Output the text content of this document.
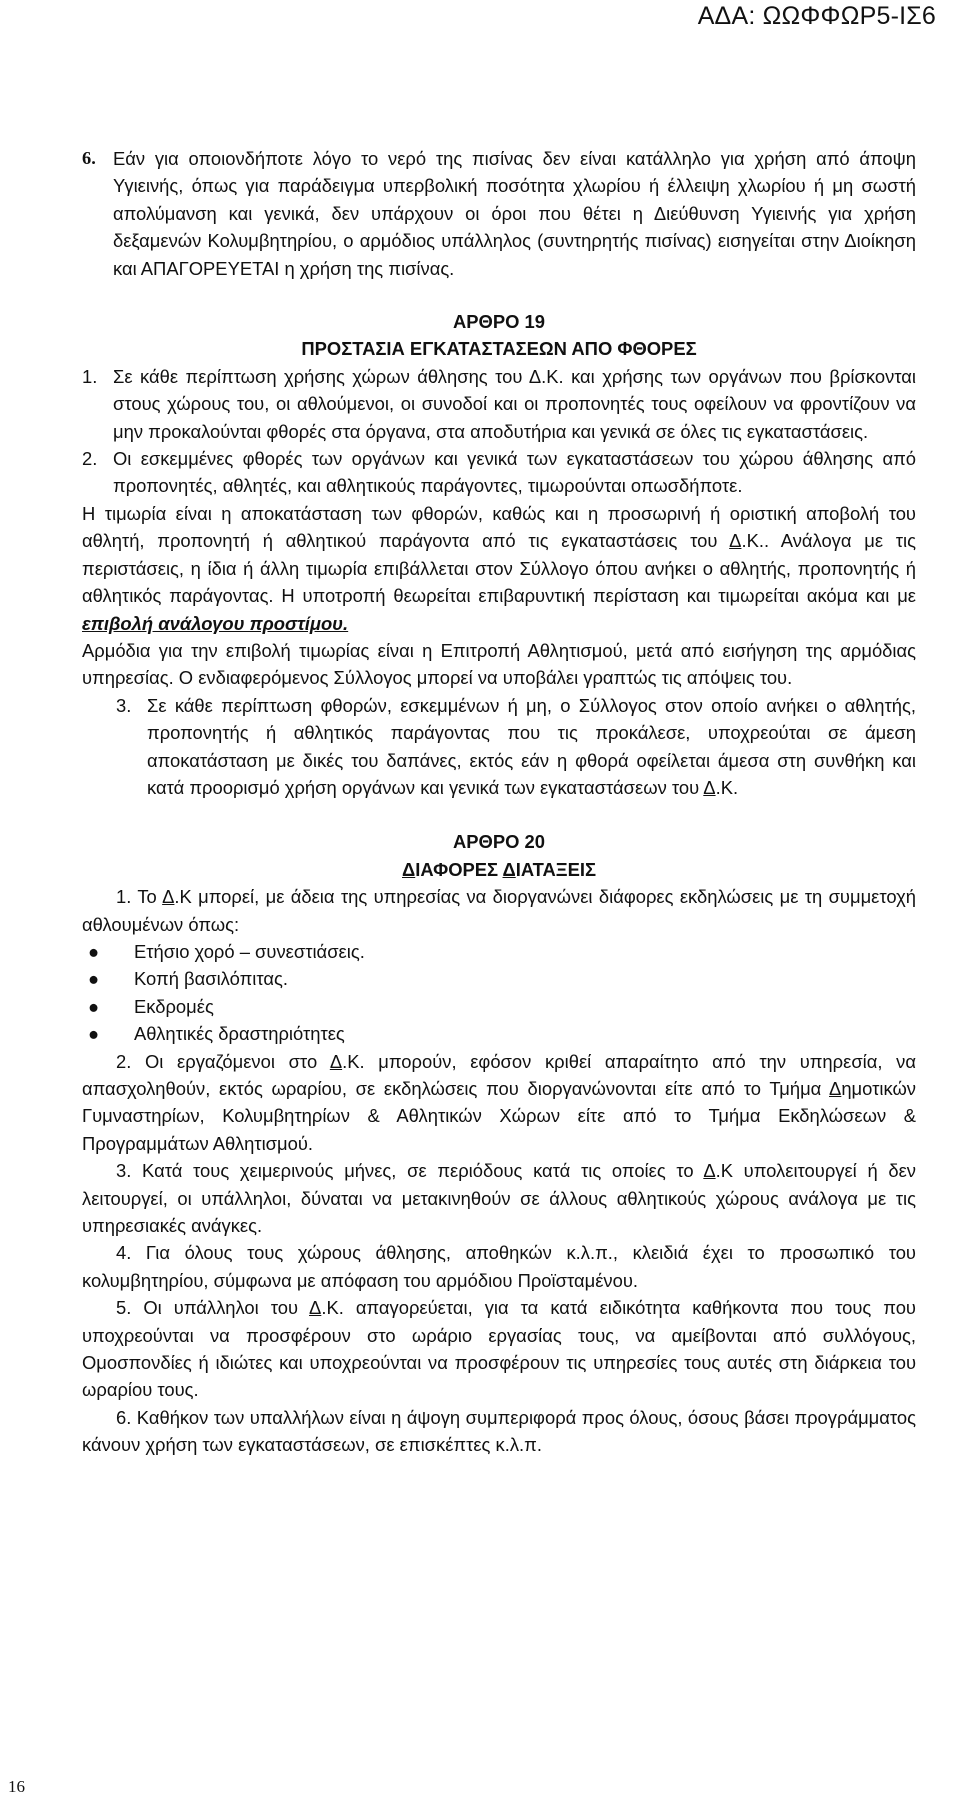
ΑΔΑ: ΩΩΦΦΩΡ5-ΙΣ6
6. Εάν για οποιονδήποτε λόγο το νερό της πισίνας δεν είναι κατάλληλο για χρήση από άποψη Υγιεινής, όπως για παράδειγμα υπερβολική ποσότητα χλωρίου ή έλλειψη χλωρίου ή μη σωστή απολύμανση και γενικά, δεν υπάρχουν οι όροι που θέτει η Διεύθυνση Υγιεινής για χρήση δεξαμενών Κολυμβητηρίου, ο αρμόδιος υπάλληλος (συντηρητής πισίνας) εισηγείται στην Διοίκηση και ΑΠΑΓΟΡΕΥΕΤΑΙ η χρήση της πισίνας.

ΑΡΘΡΟ 19

ΠΡΟΣΤΑΣΙΑ ΕΓΚΑΤΑΣΤΑΣΕΩΝ ΑΠΟ ΦΘΟΡΕΣ

1. Σε κάθε περίπτωση χρήσης χώρων άθλησης του Δ.Κ. και χρήσης των οργάνων που βρίσκονται στους χώρους του, οι αθλούμενοι, οι συνοδοί και οι προπονητές τους οφείλουν να φροντίζουν να μην προκαλούνται φθορές στα όργανα, στα αποδυτήρια και γενικά σε όλες τις εγκαταστάσεις.
2. Οι εσκεμμένες φθορές των οργάνων και γενικά των εγκαταστάσεων του χώρου άθλησης από προπονητές, αθλητές, και αθλητικούς παράγοντες, τιμωρούνται οπωσδήποτε.

Η τιμωρία είναι η αποκατάσταση των φθορών, καθώς και η προσωρινή ή οριστική αποβολή του αθλητή, προπονητή ή αθλητικού παράγοντα από τις εγκαταστάσεις του Δ.Κ.. Ανάλογα με τις περιστάσεις, η ίδια ή άλλη τιμωρία επιβάλλεται στον Σύλλογο όπου ανήκει ο αθλητής, προπονητής ή αθλητικός παράγοντας. Η υποτροπή θεωρείται επιβαρυντική περίσταση και τιμωρείται ακόμα και με επιβολή ανάλογου προστίμου.

Αρμόδια για την επιβολή τιμωρίας είναι η Επιτροπή Αθλητισμού, μετά από εισήγηση της αρμόδιας υπηρεσίας. Ο ενδιαφερόμενος Σύλλογος μπορεί να υποβάλει γραπτώς τις απόψεις του.

3. Σε κάθε περίπτωση φθορών, εσκεμμένων ή μη, ο Σύλλογος στον οποίο ανήκει ο αθλητής, προπονητής ή αθλητικός παράγοντας που τις προκάλεσε, υποχρεούται σε άμεση αποκατάσταση με δικές του δαπάνες, εκτός εάν η φθορά οφείλεται άμεσα στη συνθήκη και κατά προορισμό χρήση οργάνων και γενικά των εγκαταστάσεων του Δ.Κ.

ΑΡΘΡΟ 20

ΔΙΑΦΟΡΕΣ ΔΙΑΤΑΞΕΙΣ

1. Το Δ.Κ μπορεί, με άδεια της υπηρεσίας να διοργανώνει διάφορες εκδηλώσεις με τη συμμετοχή αθλουμένων όπως:

●	Ετήσιο χορό – συνεστιάσεις.
●	Κοπή βασιλόπιτας.
●	Εκδρομές
●	Αθλητικές δραστηριότητες

2. Οι εργαζόμενοι στο Δ.Κ. μπορούν, εφόσον κριθεί απαραίτητο από την υπηρεσία, να απασχοληθούν, εκτός ωραρίου, σε εκδηλώσεις που διοργανώνονται είτε από το Τμήμα Δημοτικών Γυμναστηρίων, Κολυμβητηρίων & Αθλητικών Χώρων είτε από το Τμήμα Εκδηλώσεων & Προγραμμάτων Αθλητισμού.

3. Κατά τους χειμερινούς μήνες, σε περιόδους κατά τις οποίες το Δ.Κ υπολειτουργεί ή δεν λειτουργεί, οι υπάλληλοι, δύναται να μετακινηθούν σε άλλους αθλητικούς χώρους ανάλογα με τις υπηρεσιακές ανάγκες.

4. Για όλους τους χώρους άθλησης, αποθηκών κ.λ.π., κλειδιά έχει το προσωπικό του κολυμβητηρίου, σύμφωνα με απόφαση του αρμόδιου Προϊσταμένου.

5. Οι υπάλληλοι του Δ.Κ. απαγορεύεται, για τα κατά ειδικότητα καθήκοντα που τους που υποχρεούνται να προσφέρουν στο ωράριο εργασίας τους, να αμείβονται από συλλόγους, Ομοσπονδίες ή ιδιώτες και υποχρεούνται να προσφέρουν τις υπηρεσίες τους αυτές στη διάρκεια του ωραρίου τους.

6. Καθήκον των υπαλλήλων είναι η άψογη συμπεριφορά προς όλους, όσους βάσει προγράμματος κάνουν χρήση των εγκαταστάσεων, σε επισκέπτες κ.λ.π.

16
